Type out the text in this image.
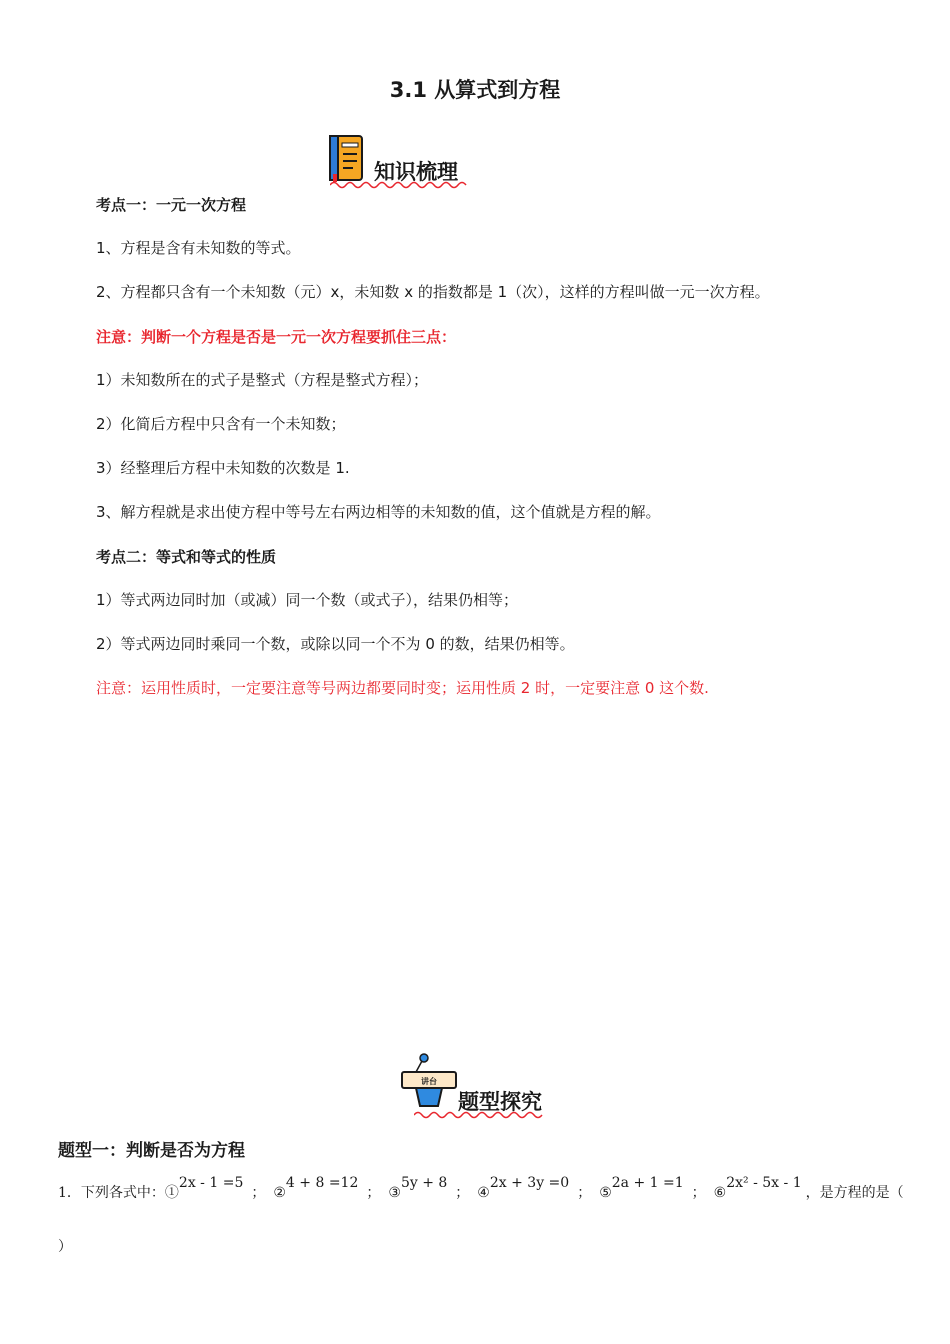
3.1 从算式到方程
知识梳理
考点一：一元一次方程
1、方程是含有未知数的等式。
2、方程都只含有一个未知数（元）x，未知数 x 的指数都是 1（次），这样的方程叫做一元一次方程。
注意：判断一个方程是否是一元一次方程要抓住三点：
1）未知数所在的式子是整式（方程是整式方程）；
2）化简后方程中只含有一个未知数；
3）经整理后方程中未知数的次数是 1.
3、解方程就是求出使方程中等号左右两边相等的未知数的值，这个值就是方程的解。
考点二：等式和等式的性质
1）等式两边同时加（或减）同一个数（或式子），结果仍相等；
2）等式两边同时乘同一个数，或除以同一个不为 0 的数，结果仍相等。
注意：运用性质时，一定要注意等号两边都要同时变；运用性质 2 时，一定要注意 0 这个数.
讲台
题型探究
题型一：判断是否为方程
1．下列各式中：①2x - 1 =5； ②4 + 8 =12； ③5y + 8； ④2x + 3y =0； ⑤2a + 1 =1； ⑥2x² - 5x - 1，是方程的是（
）
